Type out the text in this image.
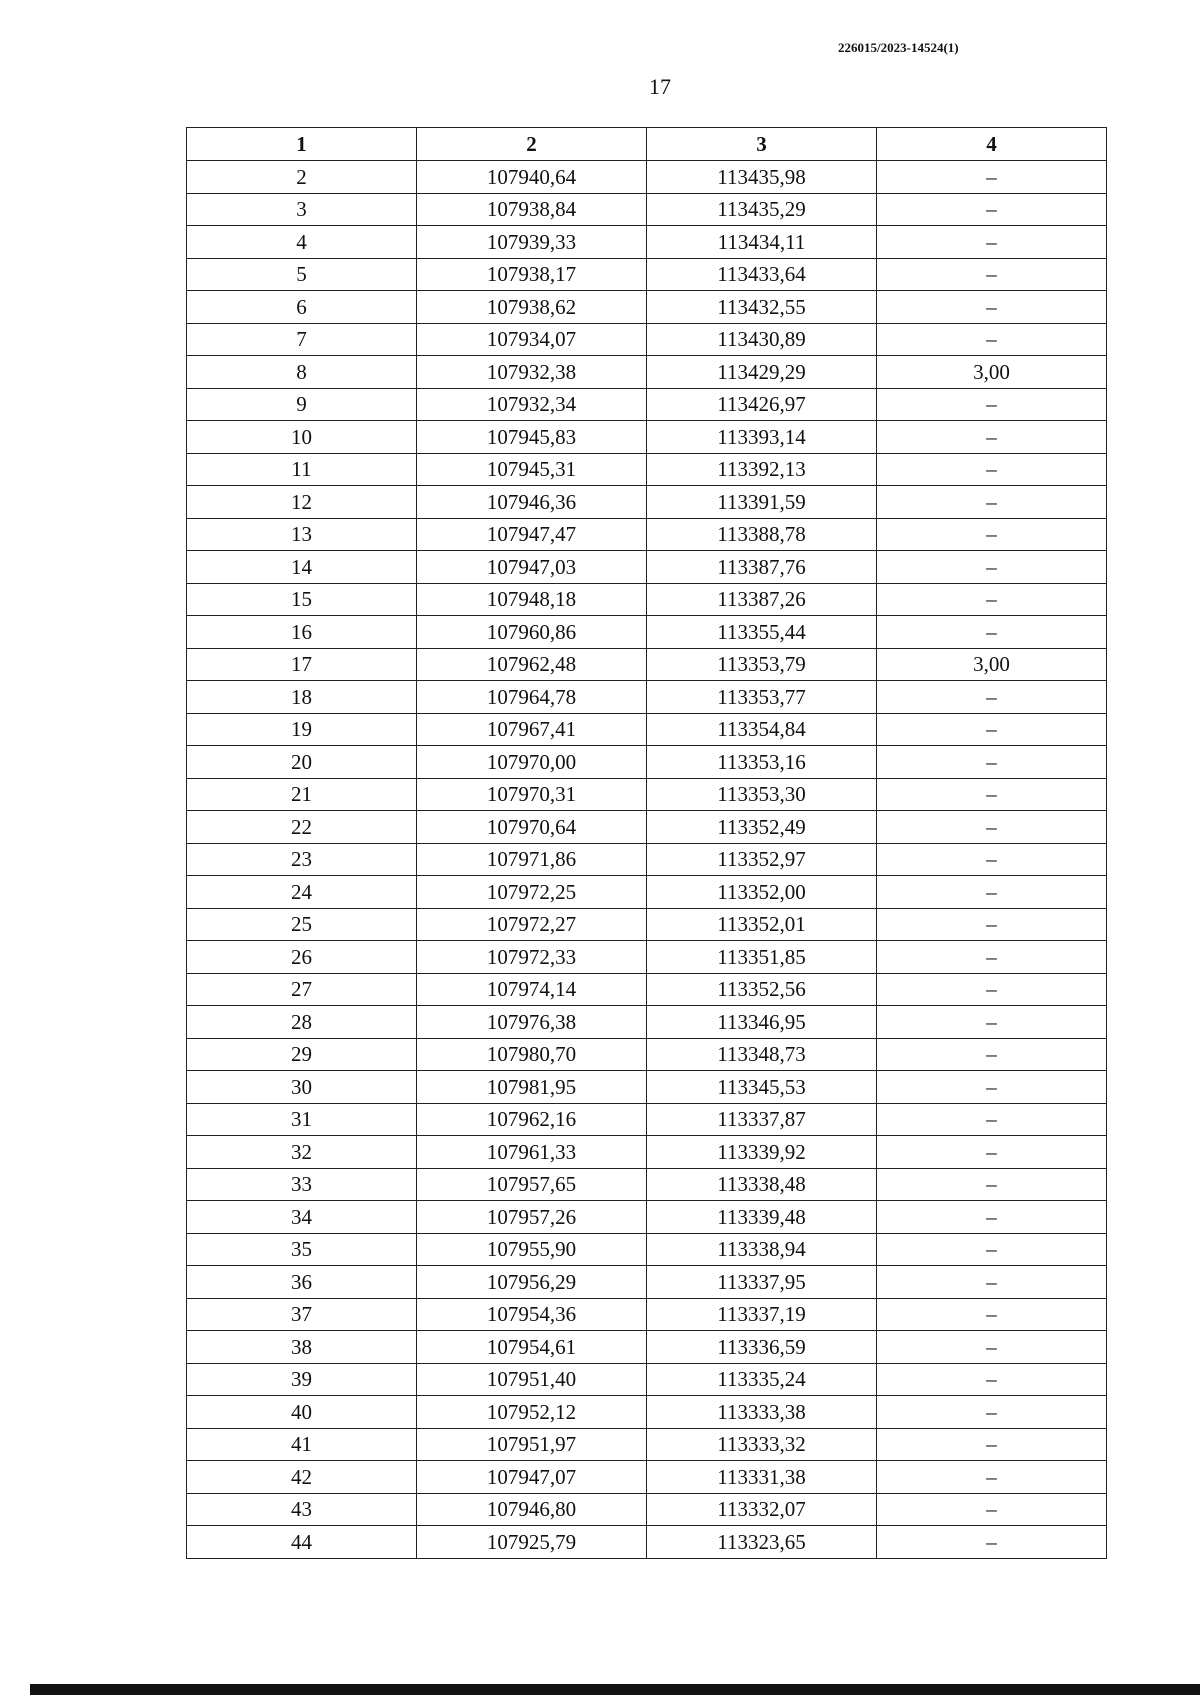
226015/2023-14524(1)
17
1	2	3	4
2	107940,64	113435,98	–
3	107938,84	113435,29	–
4	107939,33	113434,11	–
5	107938,17	113433,64	–
6	107938,62	113432,55	–
7	107934,07	113430,89	–
8	107932,38	113429,29	3,00
9	107932,34	113426,97	–
10	107945,83	113393,14	–
11	107945,31	113392,13	–
12	107946,36	113391,59	–
13	107947,47	113388,78	–
14	107947,03	113387,76	–
15	107948,18	113387,26	–
16	107960,86	113355,44	–
17	107962,48	113353,79	3,00
18	107964,78	113353,77	–
19	107967,41	113354,84	–
20	107970,00	113353,16	–
21	107970,31	113353,30	–
22	107970,64	113352,49	–
23	107971,86	113352,97	–
24	107972,25	113352,00	–
25	107972,27	113352,01	–
26	107972,33	113351,85	–
27	107974,14	113352,56	–
28	107976,38	113346,95	–
29	107980,70	113348,73	–
30	107981,95	113345,53	–
31	107962,16	113337,87	–
32	107961,33	113339,92	–
33	107957,65	113338,48	–
34	107957,26	113339,48	–
35	107955,90	113338,94	–
36	107956,29	113337,95	–
37	107954,36	113337,19	–
38	107954,61	113336,59	–
39	107951,40	113335,24	–
40	107952,12	113333,38	–
41	107951,97	113333,32	–
42	107947,07	113331,38	–
43	107946,80	113332,07	–
44	107925,79	113323,65	–
